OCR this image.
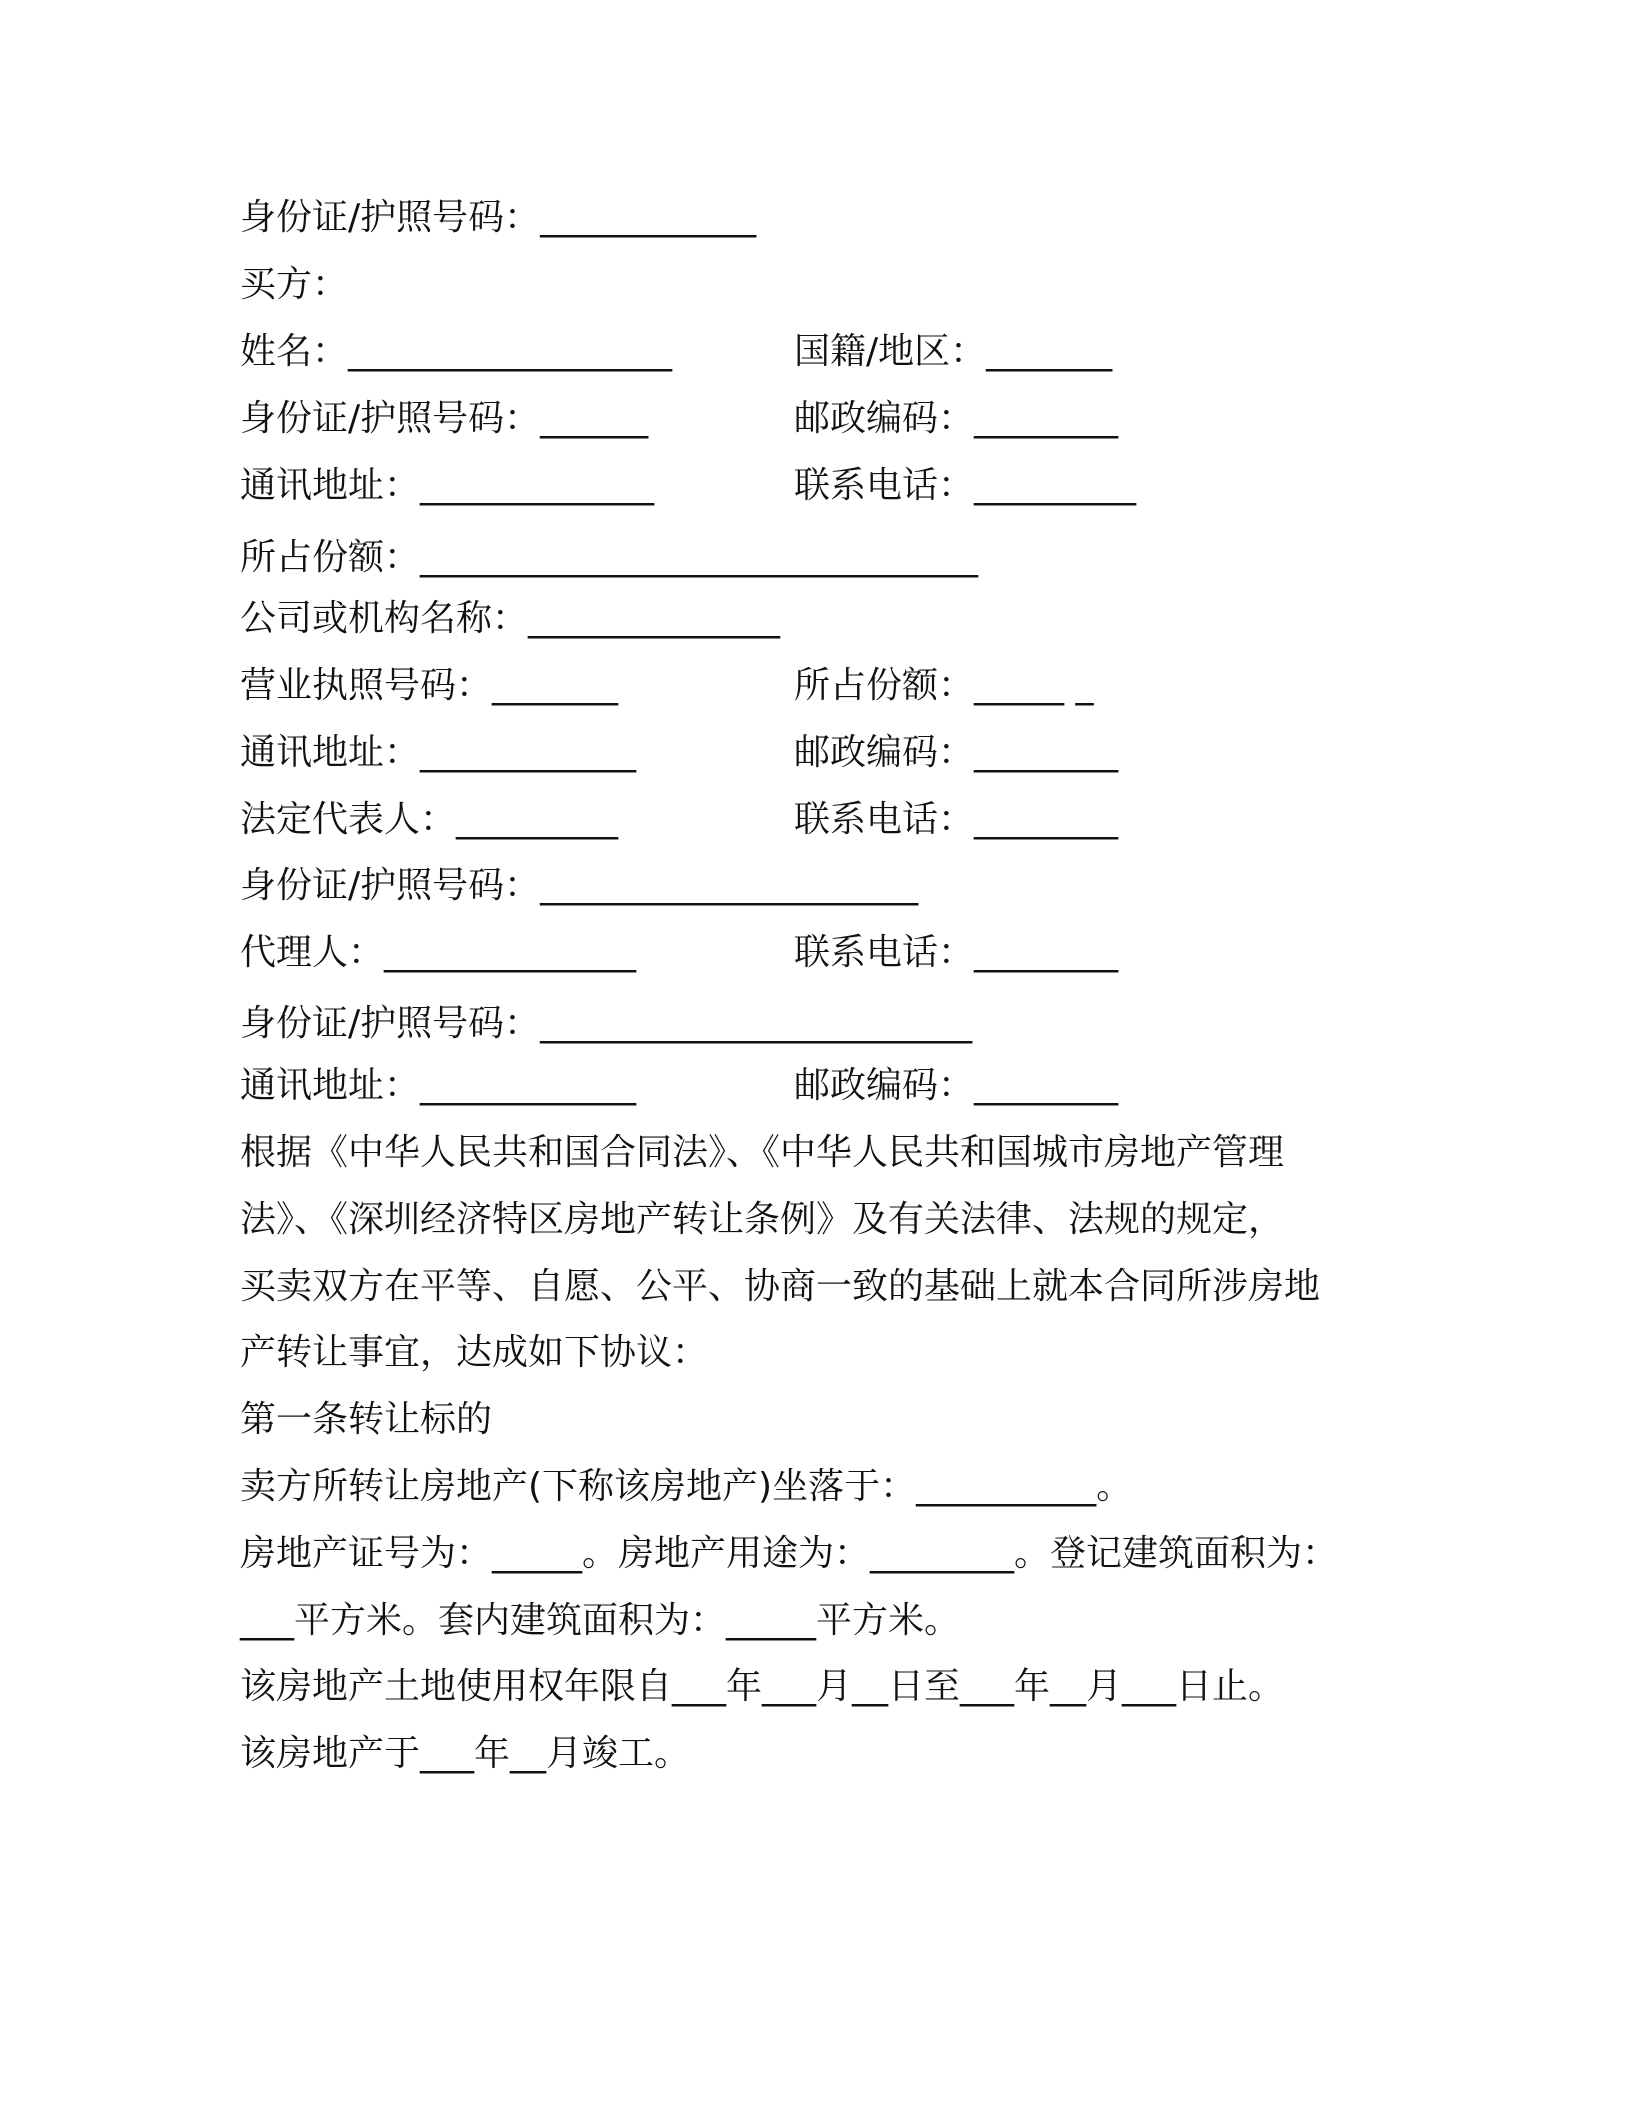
身份证/护照号码：____________
买方：
姓名：__________________	国籍/地区：_______
身份证/护照号码：______	邮政编码：________
通讯地址：_____________	联系电话：_________
所占份额：_______________________________
公司或机构名称：______________
营业执照号码：_______	所占份额：_____ _
通讯地址：____________	邮政编码：________
法定代表人：_________	联系电话：________
身份证/护照号码：_____________________
代理人：______________	联系电话：________
身份证/护照号码：________________________
通讯地址：____________	邮政编码：________
根据《中华人民共和国合同法》、《中华人民共和国城市房地产管理
法》、《深圳经济特区房地产转让条例》及有关法律、法规的规定，
买卖双方在平等、自愿、公平、协商一致的基础上就本合同所涉房地
产转让事宜，达成如下协议：
第一条转让标的
卖方所转让房地产(下称该房地产)坐落于：__________。
房地产证号为：_____。房地产用途为：________。登记建筑面积为：
___平方米。套内建筑面积为：_____平方米。
该房地产土地使用权年限自___年___月__日至___年__月___日止。
该房地产于___年__月竣工。
